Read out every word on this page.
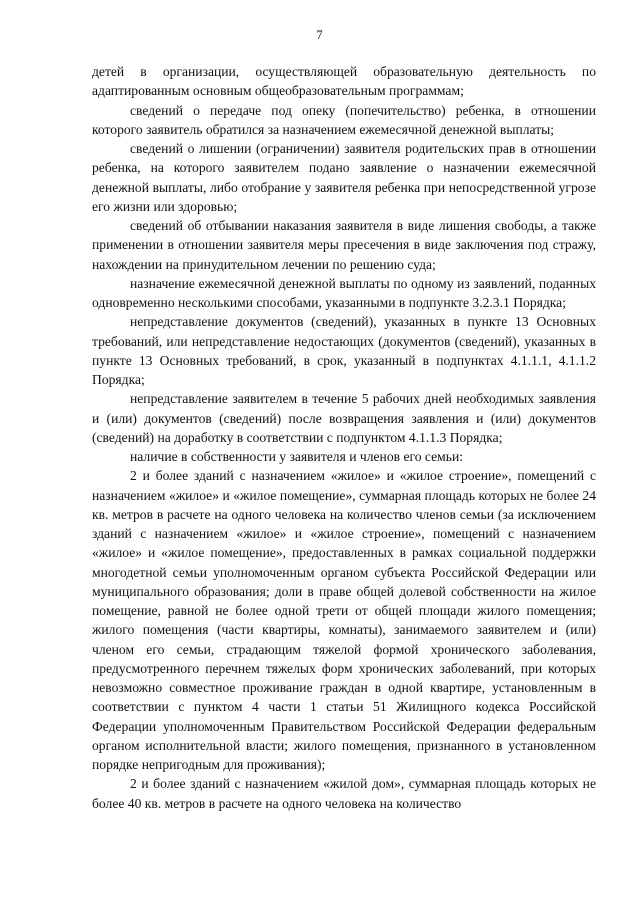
7

детей в организации, осуществляющей образовательную деятельность по адаптированным основным общеобразовательным программам;

сведений о передаче под опеку (попечительство) ребенка, в отношении которого заявитель обратился за назначением ежемесячной денежной выплаты;

сведений о лишении (ограничении) заявителя родительских прав в отношении ребенка, на которого заявителем подано заявление о назначении ежемесячной денежной выплаты, либо отобрание у заявителя ребенка при непосредственной угрозе его жизни или здоровью;

сведений об отбывании наказания заявителя в виде лишения свободы, а также применении в отношении заявителя меры пресечения в виде заключения под стражу, нахождении на принудительном лечении по решению суда;

назначение ежемесячной денежной выплаты по одному из заявлений, поданных одновременно несколькими способами, указанными в подпункте 3.2.3.1 Порядка;

непредставление документов (сведений), указанных в пункте 13 Основных требований, или непредставление недостающих (документов (сведений), указанных в пункте 13 Основных требований, в срок, указанный в подпунктах 4.1.1.1, 4.1.1.2 Порядка;

непредставление заявителем в течение 5 рабочих дней необходимых заявления и (или) документов (сведений) после возвращения заявления и (или) документов (сведений) на доработку в соответствии с подпунктом 4.1.1.3 Порядка;

наличие в собственности у заявителя и членов его семьи:

2 и более зданий с назначением «жилое» и «жилое строение», помещений с назначением «жилое» и «жилое помещение», суммарная площадь которых не более 24 кв. метров в расчете на одного человека на количество членов семьи (за исключением зданий с назначением «жилое» и «жилое строение», помещений с назначением «жилое» и «жилое помещение», предоставленных в рамках социальной поддержки многодетной семьи уполномоченным органом субъекта Российской Федерации или муниципального образования; доли в праве общей долевой собственности на жилое помещение, равной не более одной трети от общей площади жилого помещения; жилого помещения (части квартиры, комнаты), занимаемого заявителем и (или) членом его семьи, страдающим тяжелой формой хронического заболевания, предусмотренного перечнем тяжелых форм хронических заболеваний, при которых невозможно совместное проживание граждан в одной квартире, установленным в соответствии с пунктом 4 части 1 статьи 51 Жилищного кодекса Российской Федерации уполномоченным Правительством Российской Федерации федеральным органом исполнительной власти; жилого помещения, признанного в установленном порядке непригодным для проживания);

2 и более зданий с назначением «жилой дом», суммарная площадь которых не более 40 кв. метров в расчете на одного человека на количество
